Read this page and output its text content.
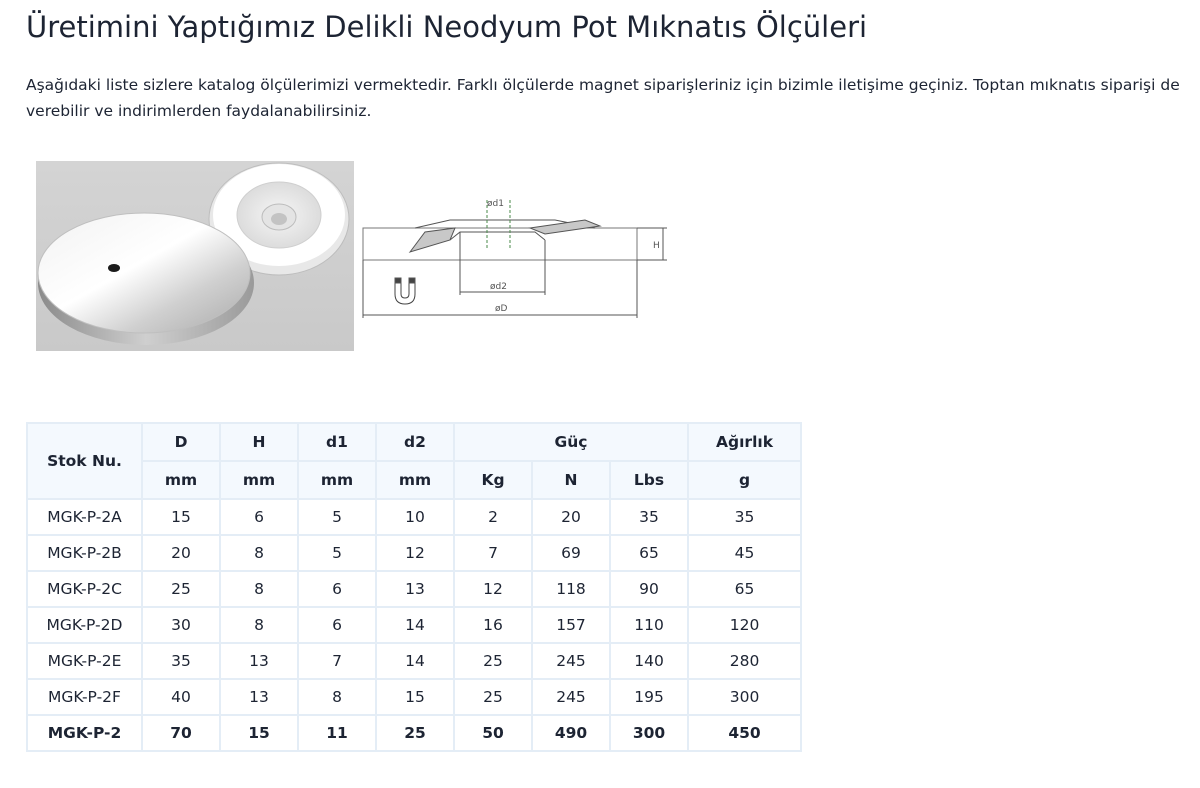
Üretimini Yaptığımız Delikli Neodyum Pot Mıknatıs Ölçüleri

Aşağıdaki liste sizlere katalog ölçülerimizi vermektedir. Farklı ölçülerde magnet siparişleriniz için bizimle iletişime geçiniz. Toptan mıknatıs siparişi de verebilir ve indirimlerden faydalanabilirsiniz.

ød1
ød2
øD
H
Stok Nu.	D	H	d1	d2	Güç			Ağırlık
	mm	mm	mm	mm	Kg	N	Lbs	g
MGK-P-2A	15	6	5	10	2	20	35	35
MGK-P-2B	20	8	5	12	7	69	65	45
MGK-P-2C	25	8	6	13	12	118	90	65
MGK-P-2D	30	8	6	14	16	157	110	120
MGK-P-2E	35	13	7	14	25	245	140	280
MGK-P-2F	40	13	8	15	25	245	195	300
MGK-P-2	70	15	11	25	50	490	300	450
